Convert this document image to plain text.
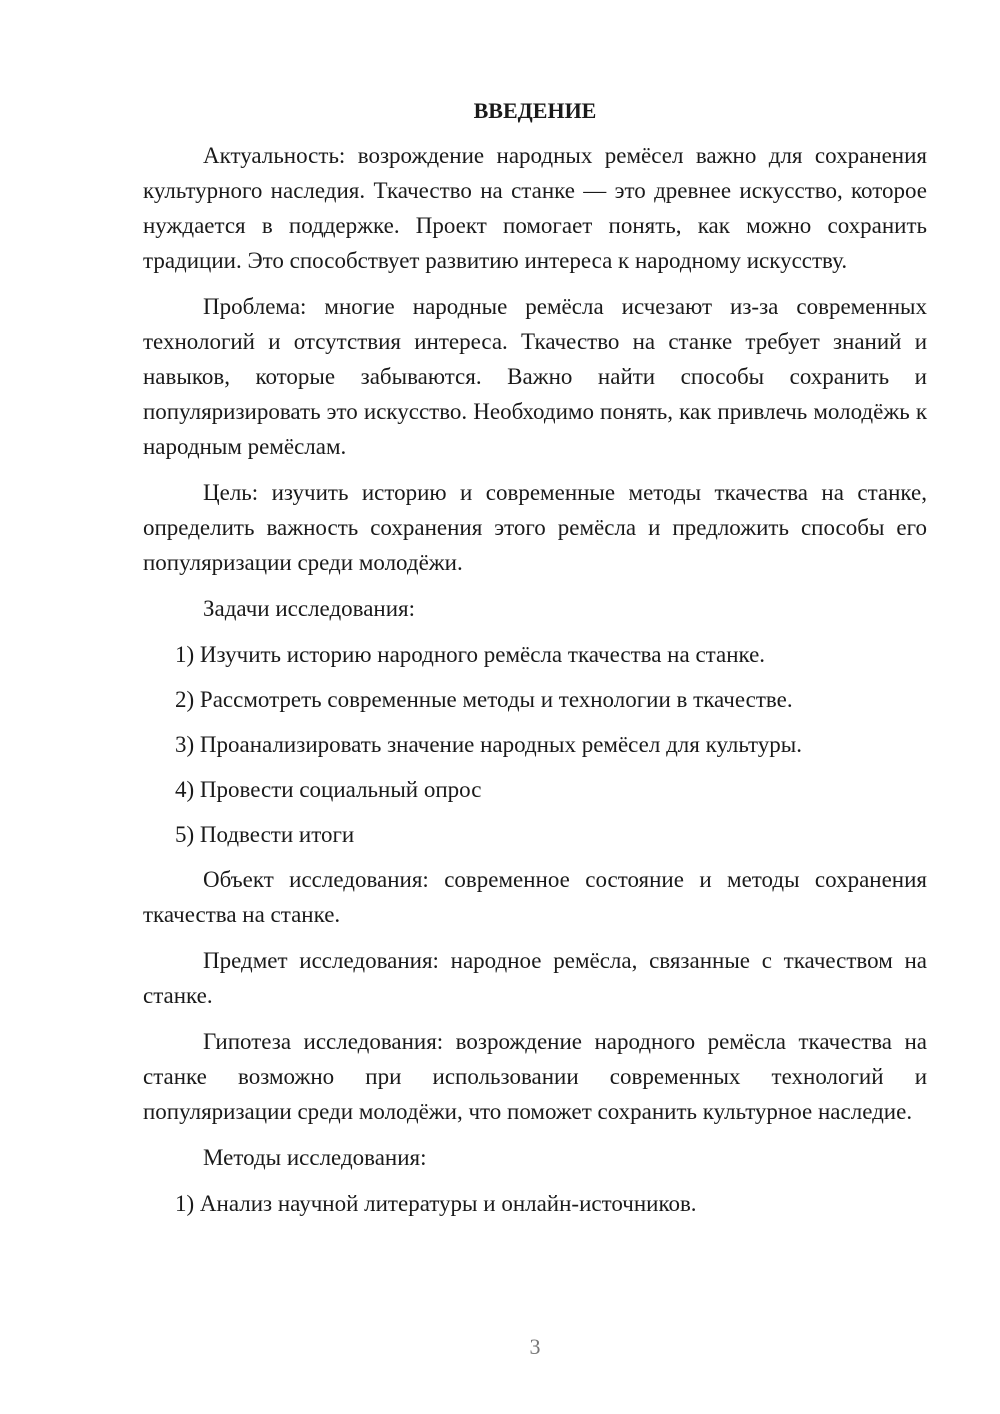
ВВЕДЕНИЕ

Актуальность: возрождение народных ремёсел важно для сохранения культурного наследия. Ткачество на станке — это древнее искусство, которое нуждается в поддержке. Проект помогает понять, как можно сохранить традиции. Это способствует развитию интереса к народному искусству.

Проблема: многие народные ремёсла исчезают из-за современных технологий и отсутствия интереса. Ткачество на станке требует знаний и навыков, которые забываются. Важно найти способы сохранить и популяризировать это искусство. Необходимо понять, как привлечь молодёжь к народным ремёслам.

Цель: изучить историю и современные методы ткачества на станке, определить важность сохранения этого ремёсла и предложить способы его популяризации среди молодёжи.

Задачи исследования:

1) Изучить историю народного ремёсла ткачества на станке.

2) Рассмотреть современные методы и технологии в ткачестве.

3) Проанализировать значение народных ремёсел для культуры.

4) Провести социальный опрос

5) Подвести итоги

Объект исследования: современное состояние и методы сохранения ткачества на станке.

Предмет исследования: народное ремёсла, связанные с ткачеством на станке.

Гипотеза исследования: возрождение народного ремёсла ткачества на станке возможно при использовании современных технологий и популяризации среди молодёжи, что поможет сохранить культурное наследие.

Методы исследования:

1) Анализ научной литературы и онлайн-источников.

3
